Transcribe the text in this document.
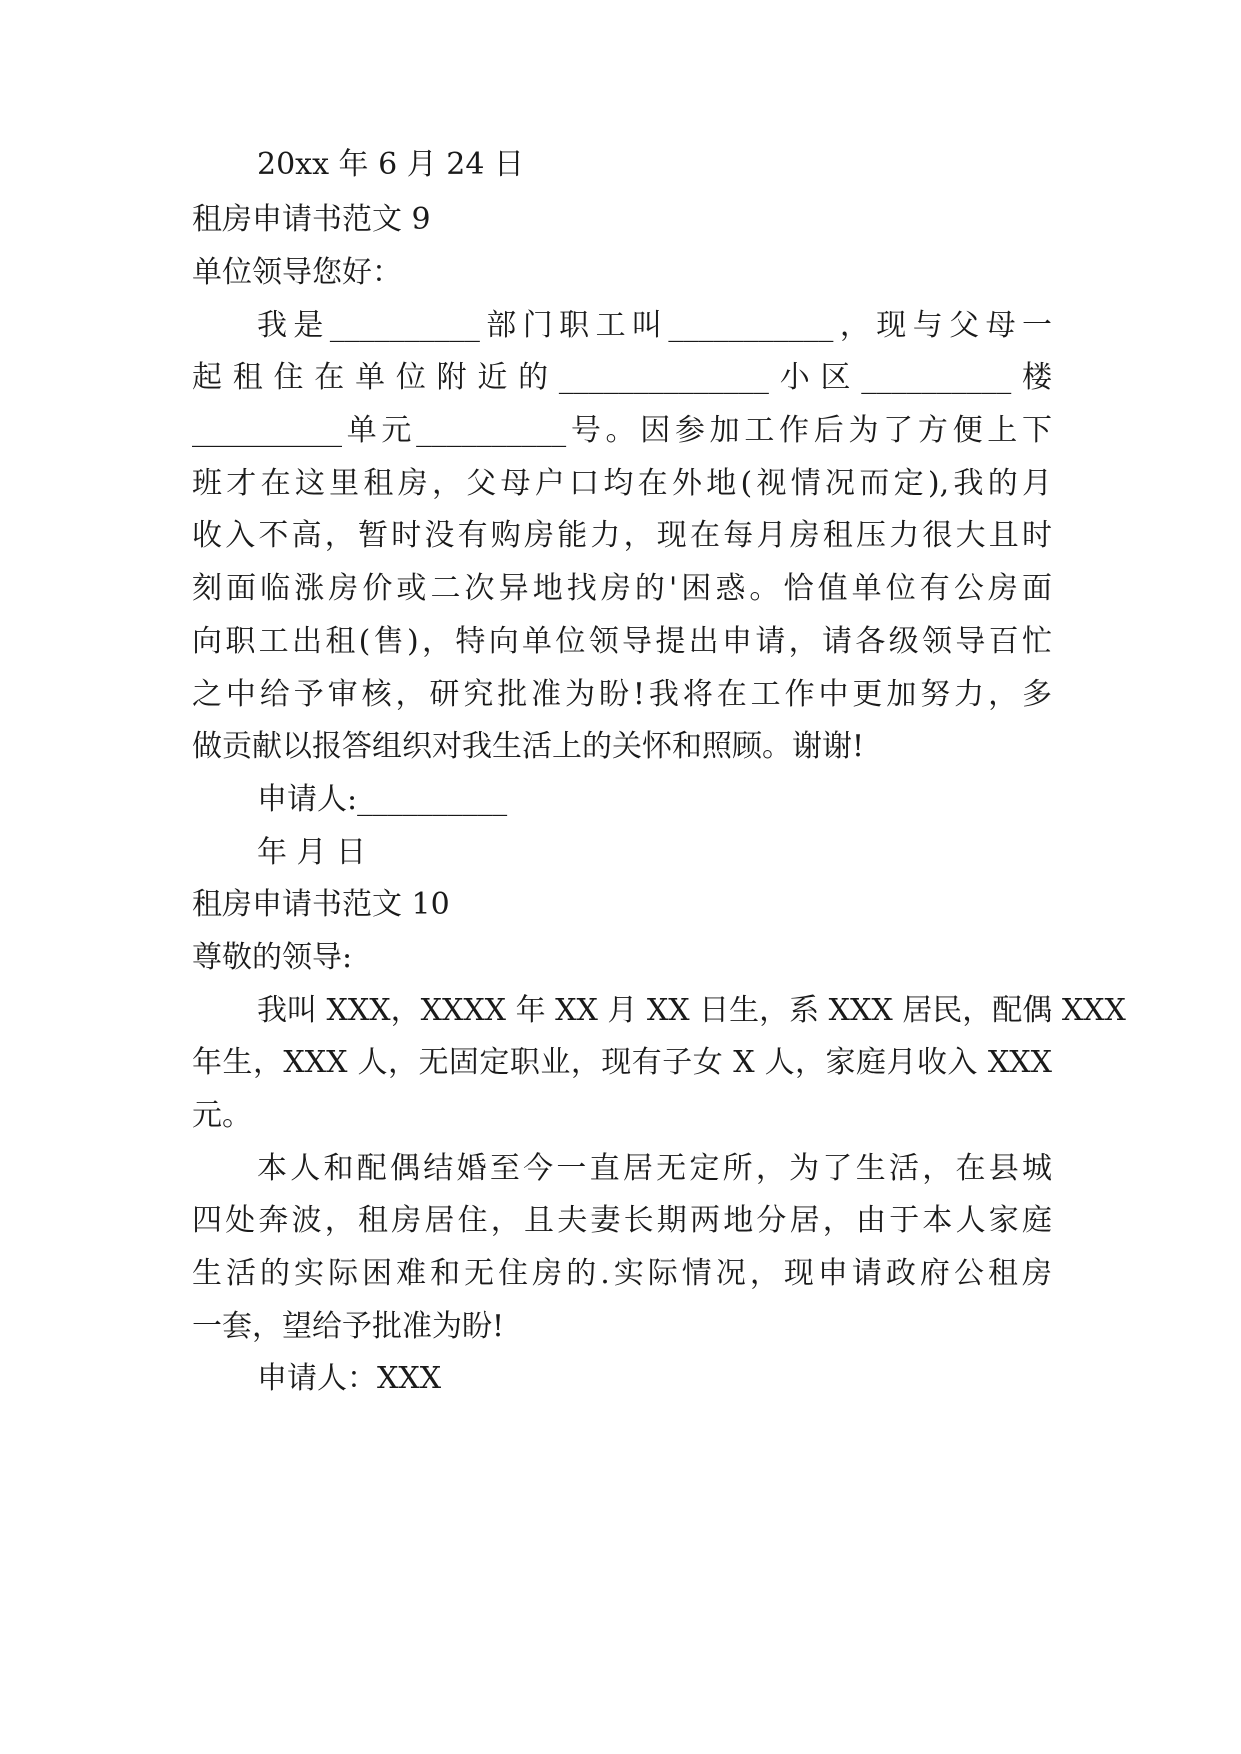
20xx 年 6 月 24 日
租房申请书范文 9
单位领导您好：
我是__________部门职工叫___________，现与父母一
起租住在单位附近的______________小区__________楼
__________单元__________号。因参加工作后为了方便上下
班才在这里租房，父母户口均在外地(视情况而定),我的月
收入不高，暂时没有购房能力，现在每月房租压力很大且时
刻面临涨房价或二次异地找房的'困惑。恰值单位有公房面
向职工出租(售)，特向单位领导提出申请，请各级领导百忙
之中给予审核，研究批准为盼!我将在工作中更加努力，多
做贡献以报答组织对我生活上的关怀和照顾。谢谢!
申请人:__________
年 月 日
租房申请书范文 10
尊敬的领导:
我叫 XXX，XXXX 年 XX 月 XX 日生，系 XXX 居民，配偶 XXX
年生，XXX 人，无固定职业，现有子女 X 人，家庭月收入 XXX
元。
本人和配偶结婚至今一直居无定所，为了生活，在县城
四处奔波，租房居住，且夫妻长期两地分居，由于本人家庭
生活的实际困难和无住房的.实际情况，现申请政府公租房
一套，望给予批准为盼!
申请人：XXX
